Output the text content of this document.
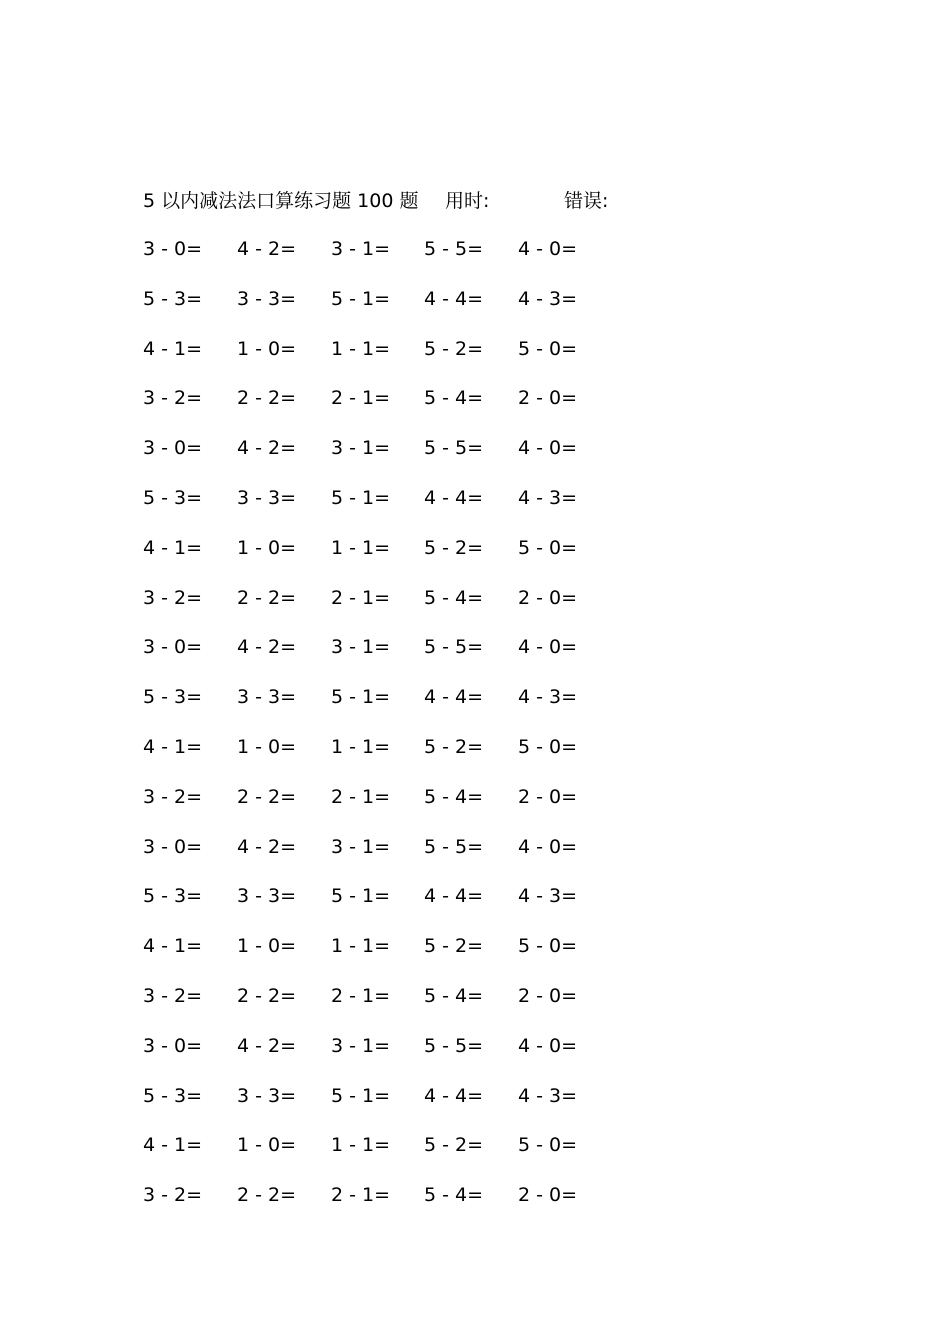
5 以内减法法口算练习题 100 题 用时:	错误:
3 - 0= 4 - 2= 3 - 1= 5 - 5= 4 - 0=
5 - 3= 3 - 3= 5 - 1= 4 - 4= 4 - 3=
4 - 1= 1 - 0= 1 - 1= 5 - 2= 5 - 0=
3 - 2= 2 - 2= 2 - 1= 5 - 4= 2 - 0=
3 - 0= 4 - 2= 3 - 1= 5 - 5= 4 - 0=
5 - 3= 3 - 3= 5 - 1= 4 - 4= 4 - 3=
4 - 1= 1 - 0= 1 - 1= 5 - 2= 5 - 0=
3 - 2= 2 - 2= 2 - 1= 5 - 4= 2 - 0=
3 - 0= 4 - 2= 3 - 1= 5 - 5= 4 - 0=
5 - 3= 3 - 3= 5 - 1= 4 - 4= 4 - 3=
4 - 1= 1 - 0= 1 - 1= 5 - 2= 5 - 0=
3 - 2= 2 - 2= 2 - 1= 5 - 4= 2 - 0=
3 - 0= 4 - 2= 3 - 1= 5 - 5= 4 - 0=
5 - 3= 3 - 3= 5 - 1= 4 - 4= 4 - 3=
4 - 1= 1 - 0= 1 - 1= 5 - 2= 5 - 0=
3 - 2= 2 - 2= 2 - 1= 5 - 4= 2 - 0=
3 - 0= 4 - 2= 3 - 1= 5 - 5= 4 - 0=
5 - 3= 3 - 3= 5 - 1= 4 - 4= 4 - 3=
4 - 1= 1 - 0= 1 - 1= 5 - 2= 5 - 0=
3 - 2= 2 - 2= 2 - 1= 5 - 4= 2 - 0=
